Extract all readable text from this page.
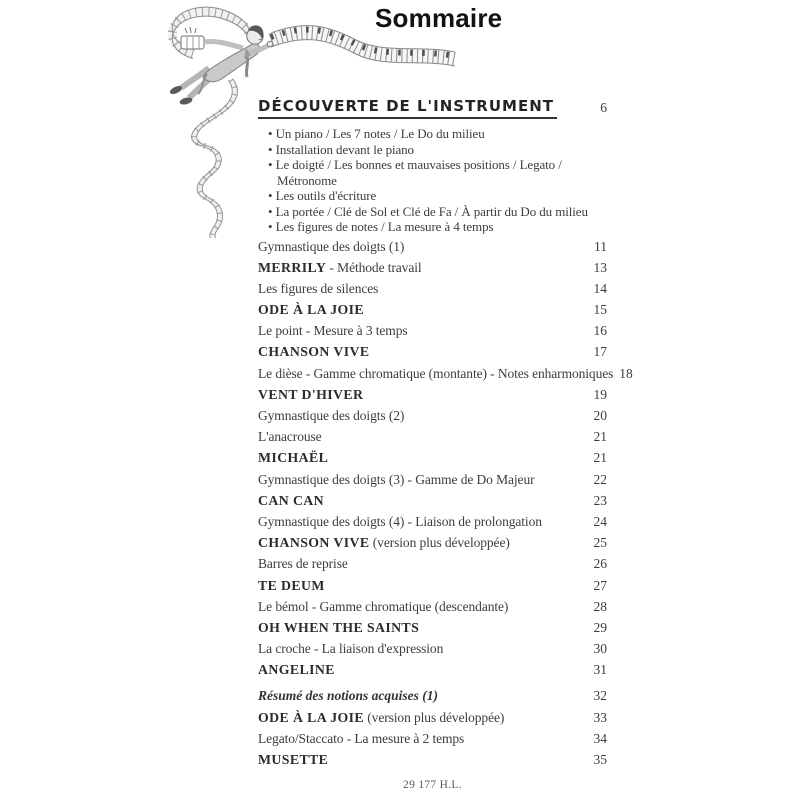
Sommaire
DÉCOUVERTE DE L'INSTRUMENT	6
• Un piano / Les 7 notes / Le Do du milieu
• Installation devant le piano
• Le doigté / Les bonnes et mauvaises positions / Legato /
Métronome
• Les outils d'écriture
• La portée / Clé de Sol et Clé de Fa / À partir du Do du milieu
• Les figures de notes / La mesure à 4 temps
Gymnastique des doigts (1)	11
MERRILY - Méthode travail	13
Les figures de silences	14
ODE À LA JOIE	15
Le point - Mesure à 3 temps	16
CHANSON VIVE	17
Le dièse - Gamme chromatique (montante) - Notes enharmoniques 18
VENT D'HIVER	19
Gymnastique des doigts (2)	20
L'anacrouse	21
MICHAËL	21
Gymnastique des doigts (3) - Gamme de Do Majeur	22
CAN CAN	23
Gymnastique des doigts (4) - Liaison de prolongation	24
CHANSON VIVE (version plus développée)	25
Barres de reprise	26
TE DEUM	27
Le bémol - Gamme chromatique (descendante)	28
OH WHEN THE SAINTS	29
La croche - La liaison d'expression	30
ANGELINE	31
Résumé des notions acquises (1)	32
ODE À LA JOIE (version plus développée)	33
Legato/Staccato - La mesure à 2 temps	34
MUSETTE	35
29 177 H.L.
